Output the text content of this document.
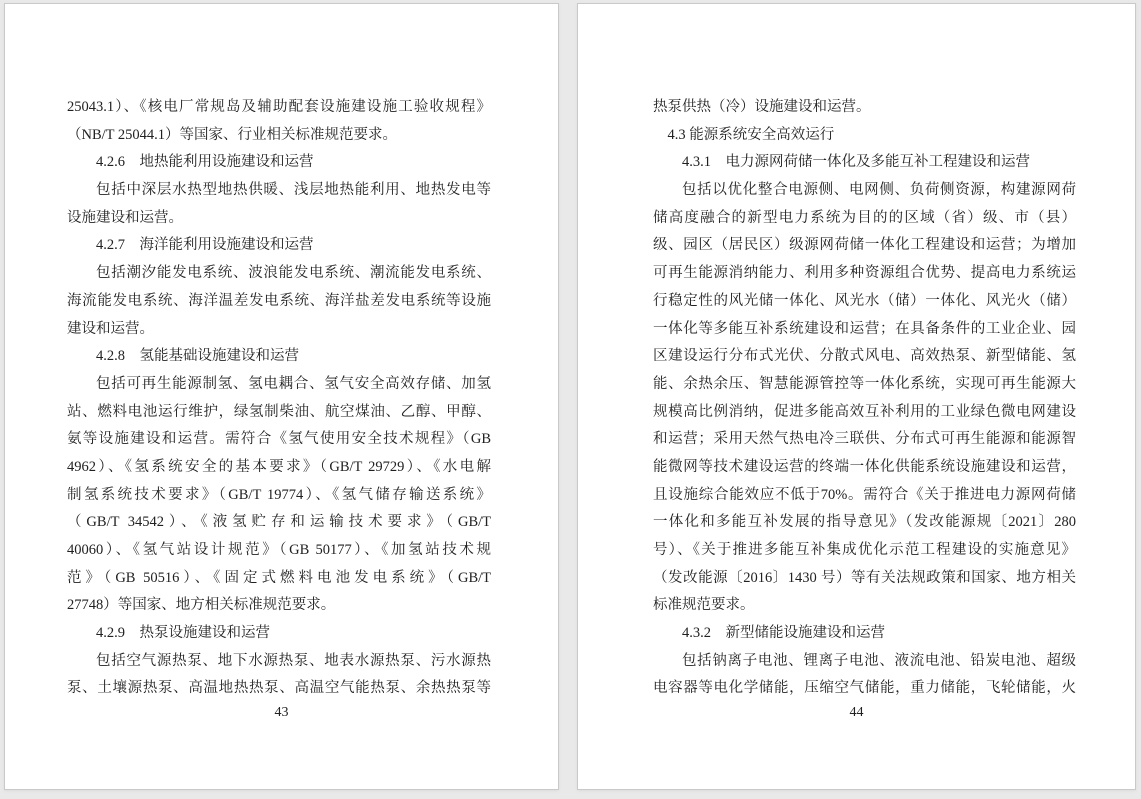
25043.1）、《核电厂常规岛及辅助配套设施建设施工验收规程》
（NB/T 25044.1）等国家、行业相关标准规范要求。
4.2.6　地热能利用设施建设和运营
包括中深层水热型地热供暖、浅层地热能利用、地热发电等
设施建设和运营。
4.2.7　海洋能利用设施建设和运营
包括潮汐能发电系统、波浪能发电系统、潮流能发电系统、
海流能发电系统、海洋温差发电系统、海洋盐差发电系统等设施
建设和运营。
4.2.8　氢能基础设施建设和运营
包括可再生能源制氢、氢电耦合、氢气安全高效存储、加氢
站、燃料电池运行维护，绿氢制柴油、航空煤油、乙醇、甲醇、
氨等设施建设和运营。需符合《氢气使用安全技术规程》（GB
4962）、《氢系统安全的基本要求》（GB/T 29729）、《水电解
制氢系统技术要求》（GB/T 19774）、《氢气储存输送系统》
（GB/T 34542）、《液氢贮存和运输技术要求》（GB/T
40060）、《氢气站设计规范》（GB 50177）、《加氢站技术规
范》（GB 50516）、《固定式燃料电池发电系统》（GB/T
27748）等国家、地方相关标准规范要求。
4.2.9　热泵设施建设和运营
包括空气源热泵、地下水源热泵、地表水源热泵、污水源热
泵、土壤源热泵、高温地热热泵、高温空气能热泵、余热热泵等
43
热泵供热（冷）设施建设和运营。
4.3 能源系统安全高效运行
4.3.1　电力源网荷储一体化及多能互补工程建设和运营
包括以优化整合电源侧、电网侧、负荷侧资源，构建源网荷
储高度融合的新型电力系统为目的的区域（省）级、市（县）
级、园区（居民区）级源网荷储一体化工程建设和运营；为增加
可再生能源消纳能力、利用多种资源组合优势、提高电力系统运
行稳定性的风光储一体化、风光水（储）一体化、风光火（储）
一体化等多能互补系统建设和运营；在具备条件的工业企业、园
区建设运行分布式光伏、分散式风电、高效热泵、新型储能、氢
能、余热余压、智慧能源管控等一体化系统，实现可再生能源大
规模高比例消纳，促进多能高效互补利用的工业绿色微电网建设
和运营；采用天然气热电冷三联供、分布式可再生能源和能源智
能微网等技术建设运营的终端一体化供能系统设施建设和运营，
且设施综合能效应不低于70%。需符合《关于推进电力源网荷储
一体化和多能互补发展的指导意见》（发改能源规〔2021〕280
号）、《关于推进多能互补集成优化示范工程建设的实施意见》
（发改能源〔2016〕1430 号）等有关法规政策和国家、地方相关
标准规范要求。
4.3.2　新型储能设施建设和运营
包括钠离子电池、锂离子电池、液流电池、铅炭电池、超级
电容器等电化学储能，压缩空气储能，重力储能，飞轮储能，火
44
